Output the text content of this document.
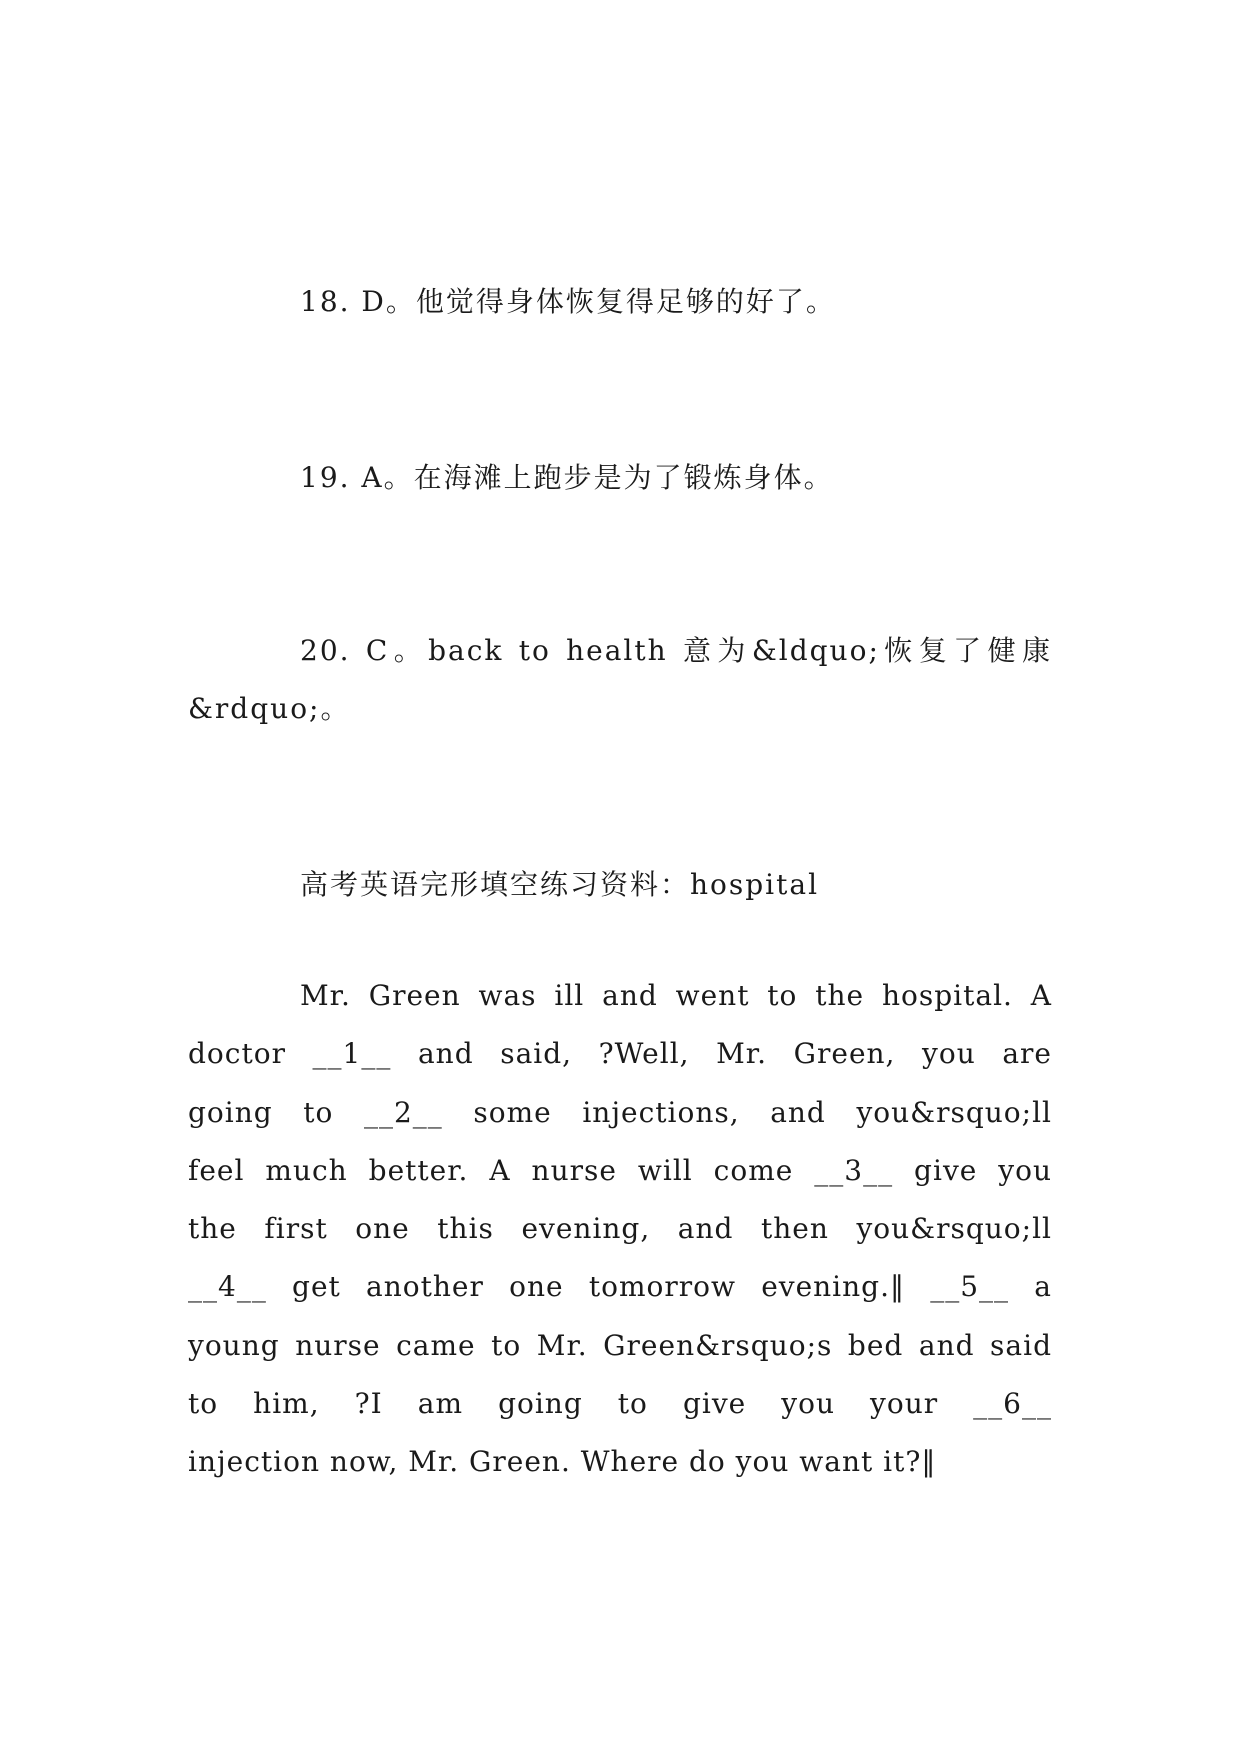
18. D。他觉得身体恢复得足够的好了。
19. A。在海滩上跑步是为了锻炼身体。
20. C。back to health 意为&ldquo;恢复了健康
&rdquo;。
高考英语完形填空练习资料：hospital
Mr. Green was ill and went to the hospital. A
doctor __1__ and said, ?Well, Mr. Green, you are
going to __2__ some injections, and you&rsquo;ll
feel much better. A nurse will come __3__ give you
the first one this evening, and then you&rsquo;ll
__4__ get another one tomorrow evening.‖ __5__ a
young nurse came to Mr. Green&rsquo;s bed and said
to him, ?I am going to give you your __6__
injection now, Mr. Green. Where do you want it?‖
